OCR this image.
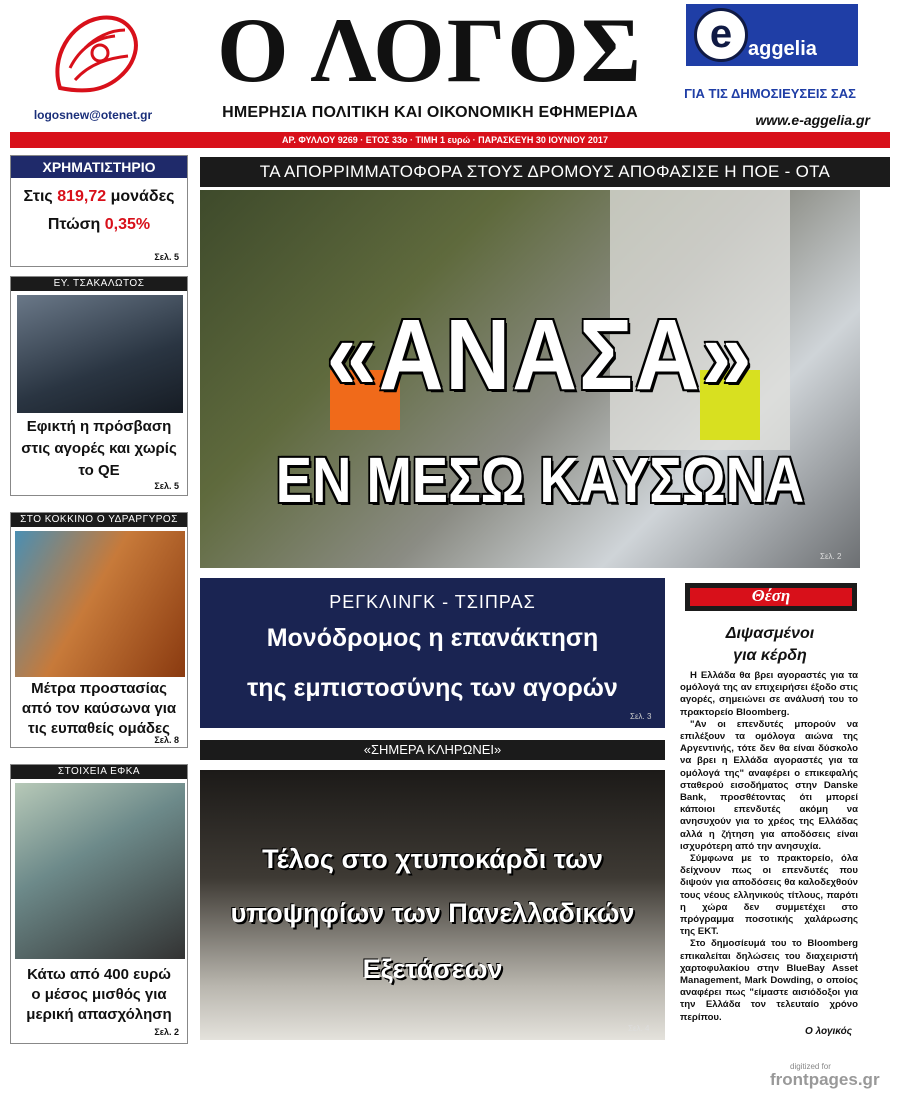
logosnew@otenet.gr
Ο ΛΟΓΟΣ
ΗΜΕΡΗΣΙΑ ΠΟΛΙΤΙΚΗ ΚΑΙ ΟΙΚΟΝΟΜΙΚΗ ΕΦΗΜΕΡΙΔΑ
e aggelia
ΓΙΑ ΤΙΣ ΔΗΜΟΣΙΕΥΣΕΙΣ ΣΑΣ
www.e-aggelia.gr
ΑΡ. ΦΥΛΛΟΥ 9269 · ΕΤΟΣ 33ο · ΤΙΜΗ 1 ευρώ · ΠΑΡΑΣΚΕΥΗ 30 ΙΟΥΝΙΟΥ 2017
ΧΡΗΜΑΤΙΣΤΗΡΙΟ
Στις 819,72 μονάδες
Πτώση 0,35%
Σελ. 5
ΕΥ. ΤΣΑΚΑΛΩΤΟΣ
Εφικτή η πρόσβαση
στις αγορές και χωρίς
το QE
Σελ. 5
ΣΤΟ ΚΟΚΚΙΝΟ Ο ΥΔΡΑΡΓΥΡΟΣ
Μέτρα προστασίας
από τον καύσωνα για
τις ευπαθείς ομάδες
Σελ. 8
ΣΤΟΙΧΕΙΑ ΕΦΚΑ
Κάτω από 400 ευρώ
ο μέσος μισθός για
μερική απασχόληση
Σελ. 2
ΤΑ ΑΠΟΡΡΙΜΜΑΤΟΦΟΡΑ ΣΤΟΥΣ ΔΡΟΜΟΥΣ ΑΠΟΦΑΣΙΣΕ Η ΠΟΕ - ΟΤΑ
«ΑΝΑΣΑ»
ΕΝ ΜΕΣΩ ΚΑΥΣΩΝΑ
Σελ. 2
ΡΕΓΚΛΙΝΓΚ - ΤΣΙΠΡΑΣ
Μονόδρομος η επανάκτηση
της εμπιστοσύνης των αγορών
Σελ. 3
«ΣΗΜΕΡΑ ΚΛΗΡΩΝΕΙ»
Τέλος στο χτυποκάρδι των
υποψηφίων των Πανελλαδικών
Εξετάσεων
Σελ. 4
Θέση
Διψασμένοι
για κέρδη

Η Ελλάδα θα βρει αγοραστές για τα ομόλογά της αν επιχειρήσει έξοδο στις αγορές, σημειώνει σε ανάλυσή του το πρακτορείο Bloomberg.

"Αν οι επενδυτές μπορούν να επιλέξουν τα ομόλογα αιώνα της Αργεντινής, τότε δεν θα είναι δύσκολο να βρει η Ελλάδα αγοραστές για τα ομόλογά της" αναφέρει ο επικεφαλής σταθερού εισοδήματος στην Danske Bank, προσθέτοντας ότι μπορεί κάποιοι επενδυτές ακόμη να ανησυχούν για το χρέος της Ελλάδας αλλά η ζήτηση για αποδόσεις είναι ισχυρότερη από την ανησυχία.

Σύμφωνα με το πρακτορείο, όλα δείχνουν πως οι επενδυτές που διψούν για αποδόσεις θα καλοδεχθούν τους νέους ελληνικούς τίτλους, παρότι η χώρα δεν συμμετέχει στο πρόγραμμα ποσοτικής χαλάρωσης της ΕΚΤ.

Στο δημοσίευμά του το Bloomberg επικαλείται δηλώσεις του διαχειριστή χαρτοφυλακίου στην BlueBay Asset Management, Mark Dowding, ο οποίος αναφέρει πως "είμαστε αισιόδοξοι για την Ελλάδα τον τελευταίο χρόνο περίπου.

Ο λογικός
digitized for
frontpages.gr
